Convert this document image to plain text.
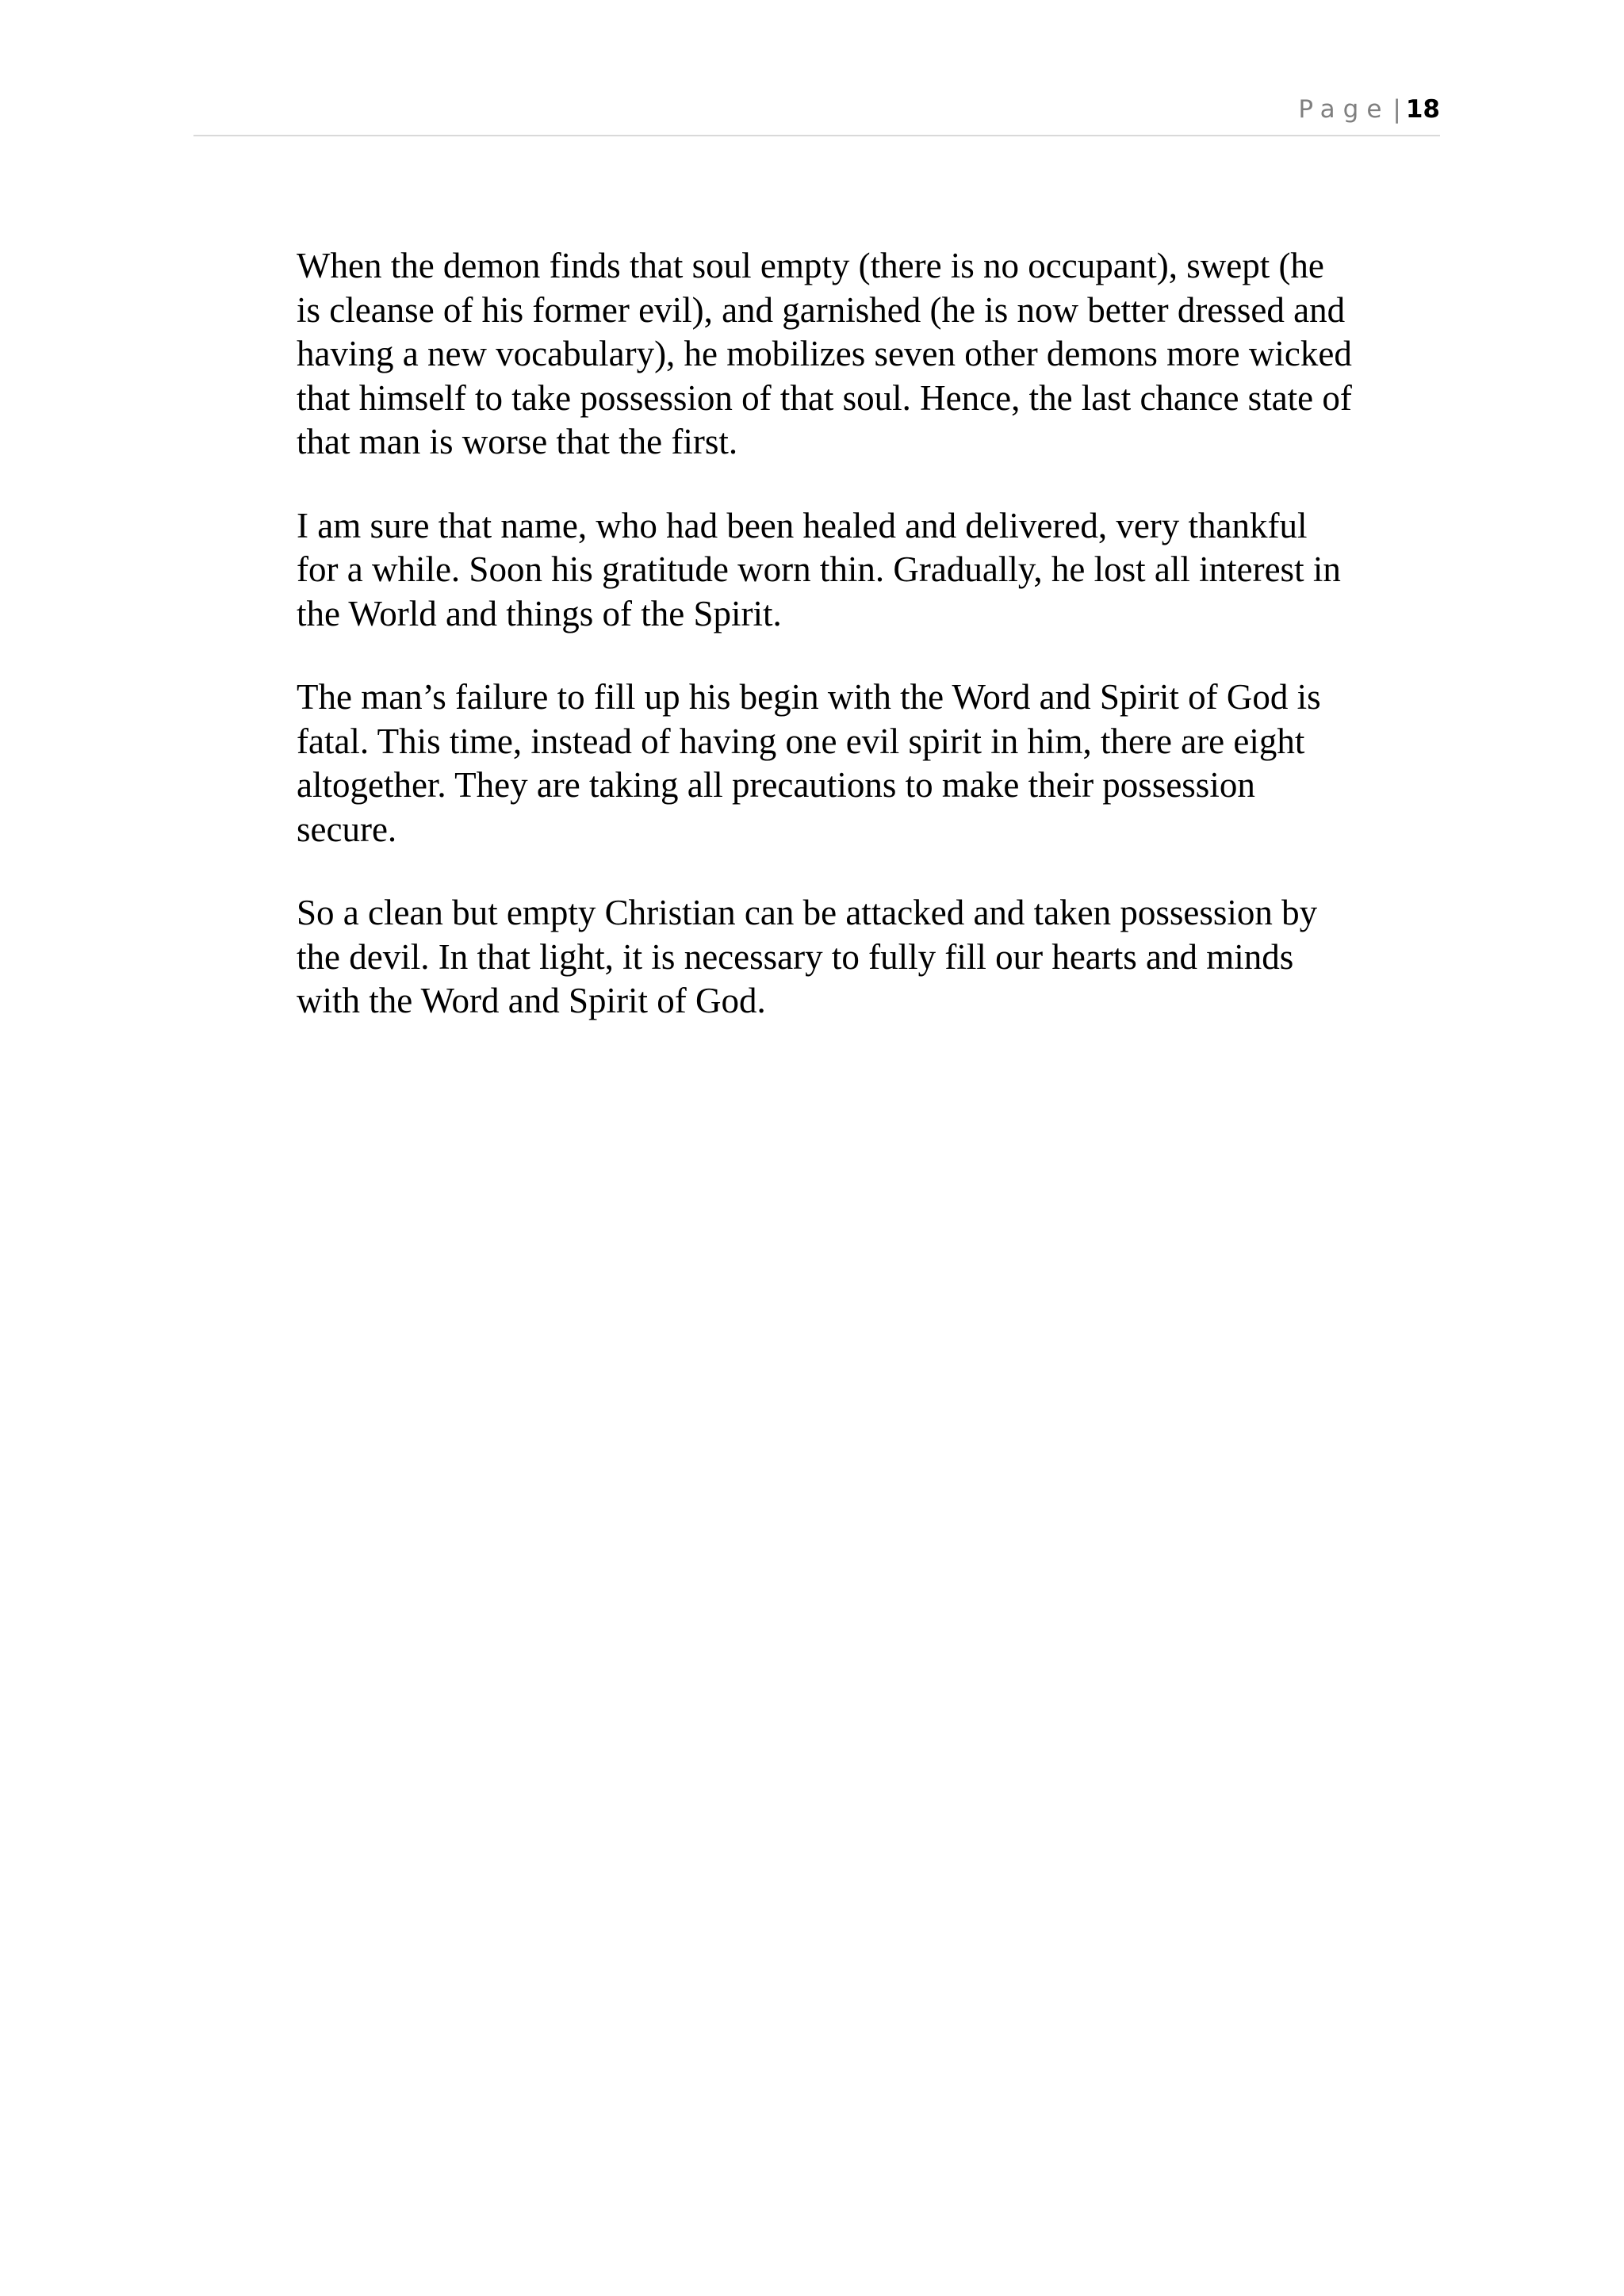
Page | 18

When the demon finds that soul empty (there is no occupant), swept (he
is cleanse of his former evil), and garnished (he is now better dressed and
having a new vocabulary), he mobilizes seven other demons more wicked
that himself to take possession of that soul. Hence, the last chance state of
that man is worse that the first.

I am sure that name, who had been healed and delivered, very thankful
for a while. Soon his gratitude worn thin. Gradually, he lost all interest in
the World and things of the Spirit.

The man’s failure to fill up his begin with the Word and Spirit of God is
fatal. This time, instead of having one evil spirit in him, there are eight
altogether. They are taking all precautions to make their possession
secure.

So a clean but empty Christian can be attacked and taken possession by
the devil. In that light, it is necessary to fully fill our hearts and minds
with the Word and Spirit of God.
